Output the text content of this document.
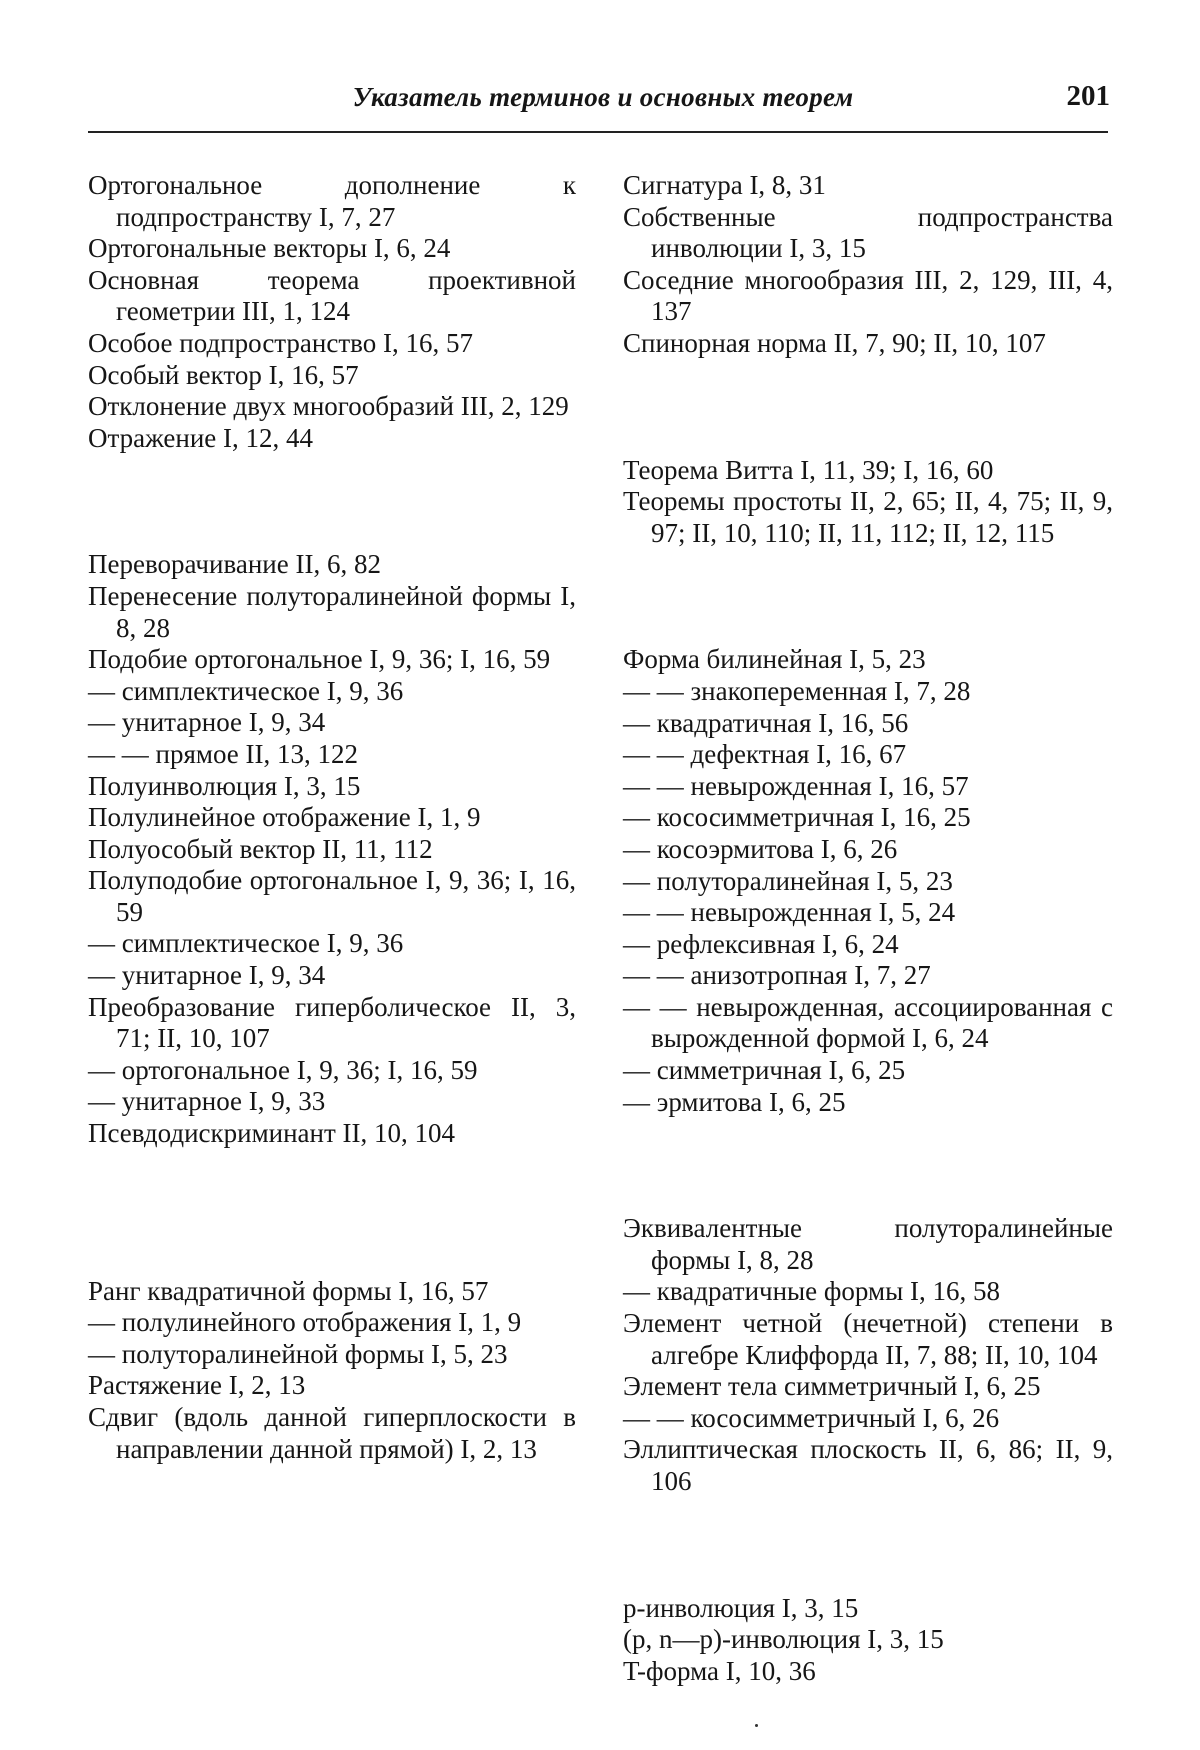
Указатель терминов и основных теорем	201
Ортогональное дополнение к подпространству I, 7, 27
Ортогональные векторы I, 6, 24
Основная теорема проективной геометрии III, 1, 124
Особое подпространство I, 16, 57
Особый вектор I, 16, 57
Отклонение двух многообразий III, 2, 129
Отражение I, 12, 44
Переворачивание II, 6, 82
Перенесение полуторалинейной формы I, 8, 28
Подобие ортогональное I, 9, 36; I, 16, 59
— симплектическое I, 9, 36
— унитарное I, 9, 34
— — прямое II, 13, 122
Полуинволюция I, 3, 15
Полулинейное отображение I, 1, 9
Полуособый вектор II, 11, 112
Полуподобие ортогональное I, 9, 36; I, 16, 59
— симплектическое I, 9, 36
— унитарное I, 9, 34
Преобразование гиперболическое II, 3, 71; II, 10, 107
— ортогональное I, 9, 36; I, 16, 59
— унитарное I, 9, 33
Псевдодискриминант II, 10, 104
Ранг квадратичной формы I, 16, 57
— полулинейного отображения I, 1, 9
— полуторалинейной формы I, 5, 23
Растяжение I, 2, 13
Сдвиг (вдоль данной гиперплоскости в направлении данной прямой) I, 2, 13
Сигнатура I, 8, 31
Собственные подпространства инволюции I, 3, 15
Соседние многообразия III, 2, 129, III, 4, 137
Спинорная норма II, 7, 90; II, 10, 107
Теорема Витта I, 11, 39; I, 16, 60
Теоремы простоты II, 2, 65; II, 4, 75; II, 9, 97; II, 10, 110; II, 11, 112; II, 12, 115
Форма билинейная I, 5, 23
— — знакопеременная I, 7, 28
— квадратичная I, 16, 56
— — дефектная I, 16, 67
— — невырожденная I, 16, 57
— кососимметричная I, 16, 25
— косоэрмитова I, 6, 26
— полуторалинейная I, 5, 23
— — невырожденная I, 5, 24
— рефлексивная I, 6, 24
— — анизотропная I, 7, 27
— — невырожденная, ассоциированная с вырожденной формой I, 6, 24
— симметричная I, 6, 25
— эрмитова I, 6, 25
Эквивалентные полуторалинейные формы I, 8, 28
— квадратичные формы I, 16, 58
Элемент четной (нечетной) степени в алгебре Клиффорда II, 7, 88; II, 10, 104
Элемент тела симметричный I, 6, 25
— — кососимметричный I, 6, 26
Эллиптическая плоскость II, 6, 86; II, 9, 106
p-инволюция I, 3, 15
(p, n—p)-инволюция I, 3, 15
T-форма I, 10, 36
